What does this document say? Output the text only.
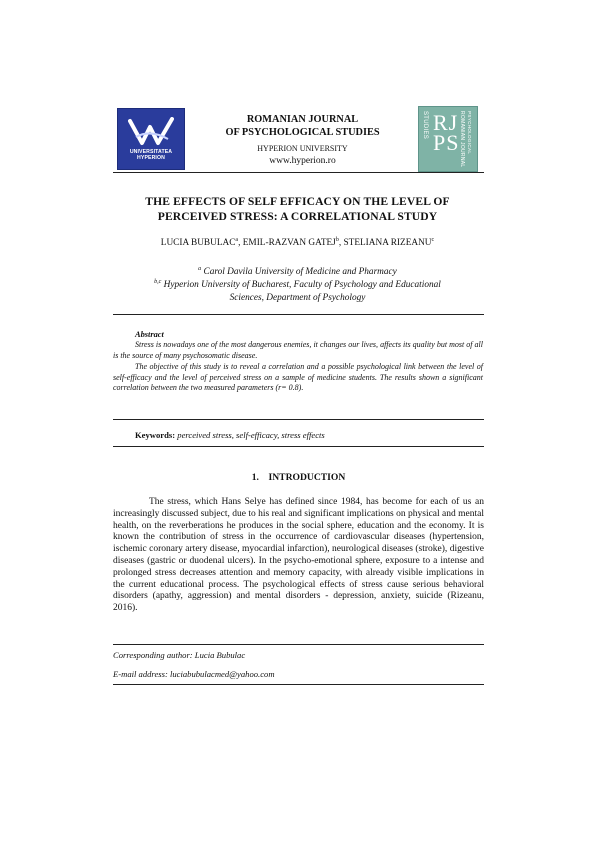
UNIVERSITATEA
HYPERION
ROMANIAN JOURNAL
OF PSYCHOLOGICAL STUDIES
HYPERION UNIVERSITY
www.hyperion.ro
STUDIES RJ
PS ROMANIAN JOURNAL PSYCHOLOGICAL
THE EFFECTS OF SELF EFFICACY ON THE LEVEL OF
PERCEIVED STRESS: A CORRELATIONAL STUDY
LUCIA BUBULAC$^a$, EMIL-RAZVAN GATEJ$^b$, STELIANA RIZEANU$^c$
$^a$ Carol Davila University of Medicine and Pharmacy
$^{b,c}$ Hyperion University of Bucharest, Faculty of Psychology and Educational
Sciences, Department of Psychology
Abstract
Stress is nowadays one of the most dangerous enemies, it changes our lives, affects its quality but most of all is the source of many psychosomatic disease.
The objective of this study is to reveal a correlation and a possible psychological link between the level of self-efficacy and the level of perceived stress on a sample of medicine students. The results shown a significant correlation between the two measured parameters (r= 0.8).
Keywords: perceived stress, self-efficacy, stress effects
1. INTRODUCTION
The stress, which Hans Selye has defined since 1984, has become for each of us an increasingly discussed subject, due to his real and significant implications on physical and mental health, on the reverberations he produces in the social sphere, education and the economy. It is known the contribution of stress in the occurrence of cardiovascular diseases (hypertension, ischemic coronary artery disease, myocardial infarction), neurological diseases (stroke), digestive diseases (gastric or duodenal ulcers). In the psycho-emotional sphere, exposure to a intense and prolonged stress decreases attention and memory capacity, with already visible implications in the current educational process. The psychological effects of stress cause serious behavioral disorders (apathy, aggression) and mental disorders - depression, anxiety, suicide (Rizeanu, 2016).
Corresponding author: Lucia Bubulac
E-mail address: luciabubulacmed@yahoo.com
